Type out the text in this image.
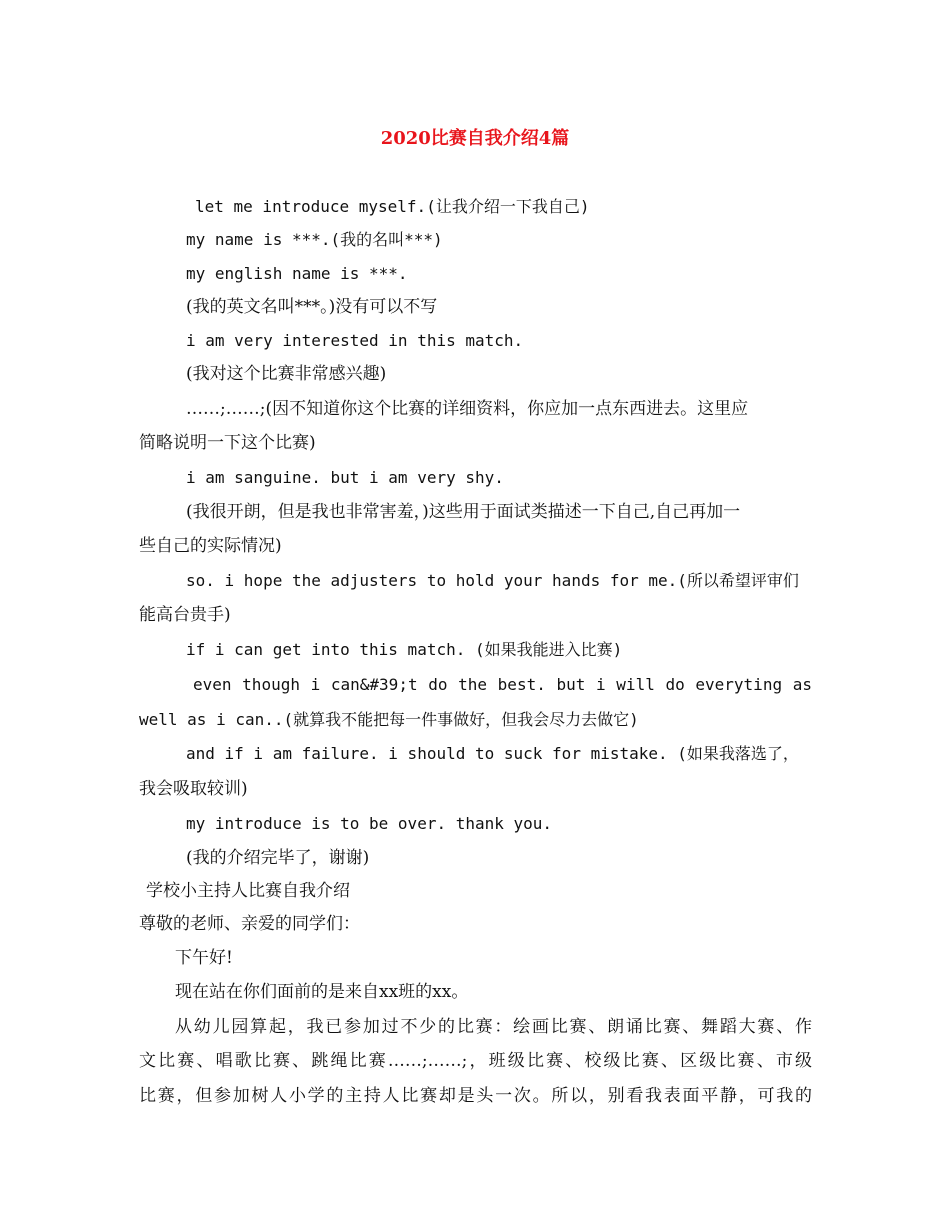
2020比赛自我介绍4篇
let me introduce myself.(让我介绍一下我自己)
my name is ***.(我的名叫***)
my english name is ***.
(我的英文名叫***。)没有可以不写
i am very interested in this match.
(我对这个比赛非常感兴趣)
……;……;(因不知道你这个比赛的详细资料，你应加一点东西进去。这里应
简略说明一下这个比赛)
i am sanguine. but i am very shy.
(我很开朗，但是我也非常害羞，)这些用于面试类描述一下自己,自己再加一
些自己的实际情况)
so. i hope the adjusters to hold your hands for me.(所以希望评审们
能高台贵手)
if i can get into this match. (如果我能进入比赛)
even though i can&#39;t do the best. but i will do everyting as
well as i can..(就算我不能把每一件事做好，但我会尽力去做它)
and if i am failure. i should to suck for mistake. (如果我落选了，
我会吸取较训)
my introduce is to be over. thank you.
(我的介绍完毕了，谢谢)
学校小主持人比赛自我介绍
尊敬的老师、亲爱的同学们：
下午好!
现在站在你们面前的是来自xx班的xx。
从幼儿园算起，我已参加过不少的比赛：绘画比赛、朗诵比赛、舞蹈大赛、作
文比赛、唱歌比赛、跳绳比赛……;……;，班级比赛、校级比赛、区级比赛、市级
比赛，但参加树人小学的主持人比赛却是头一次。所以，别看我表面平静，可我的
